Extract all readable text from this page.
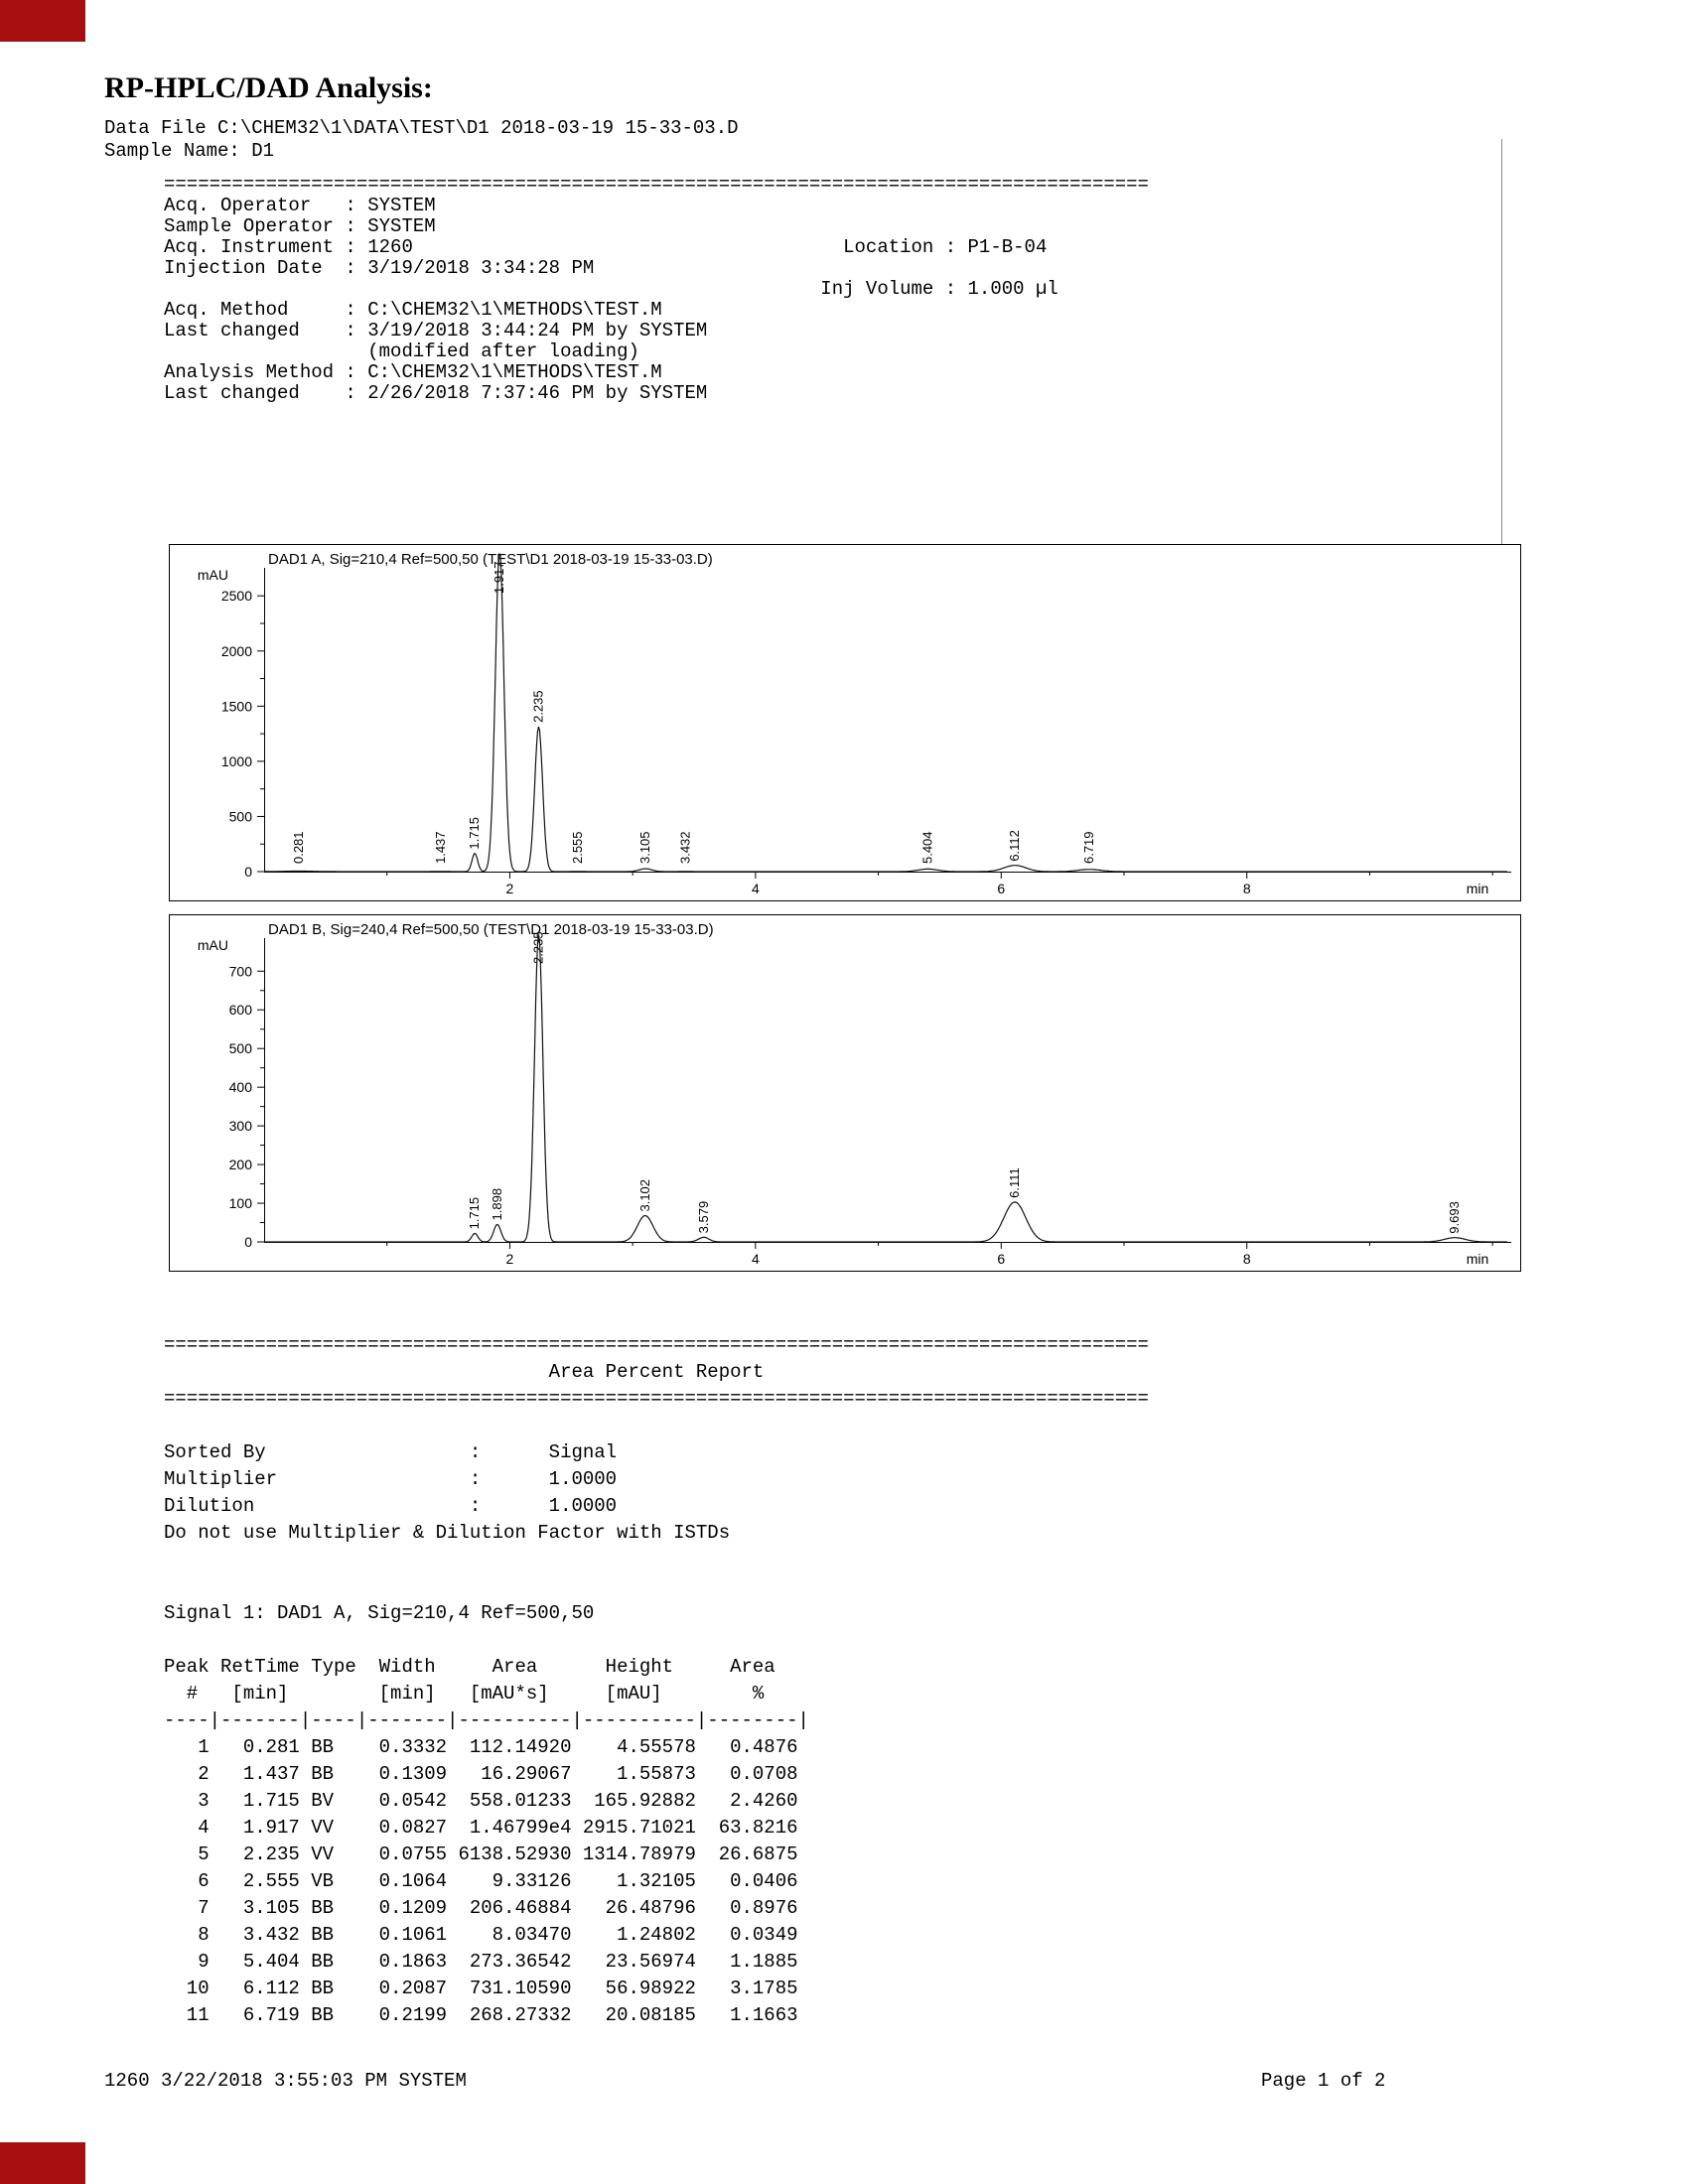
RP-HPLC/DAD Analysis:
Data File C:\CHEM32\1\DATA\TEST\D1 2018-03-19 15-33-03.D
Sample Name: D1
=======================================================================================
Acq. Operator   : SYSTEM
Sample Operator : SYSTEM
Acq. Instrument : 1260                                      Location : P1-B-04
Injection Date  : 3/19/2018 3:34:28 PM
Inj Volume : 1.000 µl
Acq. Method     : C:\CHEM32\1\METHODS\TEST.M
Last changed    : 3/19/2018 3:44:24 PM by SYSTEM
(modified after loading)
Analysis Method : C:\CHEM32\1\METHODS\TEST.M
Last changed    : 2/26/2018 7:37:46 PM by SYSTEM

DAD1 A, Sig=210,4 Ref=500,50 (TEST\D1 2018-03-19 15-33-03.D)
mAU
0
500
1000
1500
2000
2500
2	4	6	8	min
0.281	1.437 1.715
1.917
2.235
2.555	3.105 3.432	5.404	6.112	6.719
DAD1 B, Sig=240,4 Ref=500,50 (TEST\D1 2018-03-19 15-33-03.D)
mAU
0
100
200
300
400
500
600
700
2	4	6	8	min
1.715 1.898
2.235
3.102
3.579
6.111
9.693
=======================================================================================
Area Percent Report
=======================================================================================

Sorted By                  :      Signal
Multiplier                 :      1.0000
Dilution                   :      1.0000
Do not use Multiplier & Dilution Factor with ISTDs

Signal 1: DAD1 A, Sig=210,4 Ref=500,50

Peak RetTime Type  Width     Area      Height     Area
#   [min]        [min]   [mAU*s]     [mAU]        %
----|-------|----|-------|----------|----------|--------|
1   0.281 BB    0.3332  112.14920    4.55578   0.4876
2   1.437 BB    0.1309   16.29067    1.55873   0.0708
3   1.715 BV    0.0542  558.01233  165.92882   2.4260
4   1.917 VV    0.0827  1.46799e4 2915.71021  63.8216
5   2.235 VV    0.0755 6138.52930 1314.78979  26.6875
6   2.555 VB    0.1064    9.33126    1.32105   0.0406
7   3.105 BB    0.1209  206.46884   26.48796   0.8976
8   3.432 BB    0.1061    8.03470    1.24802   0.0349
9   5.404 BB    0.1863  273.36542   23.56974   1.1885
10   6.112 BB    0.2087  731.10590   56.98922   3.1785
11   6.719 BB    0.2199  268.27332   20.08185   1.1663

1260 3/22/2018 3:55:03 PM SYSTEM	Page 1 of 2
